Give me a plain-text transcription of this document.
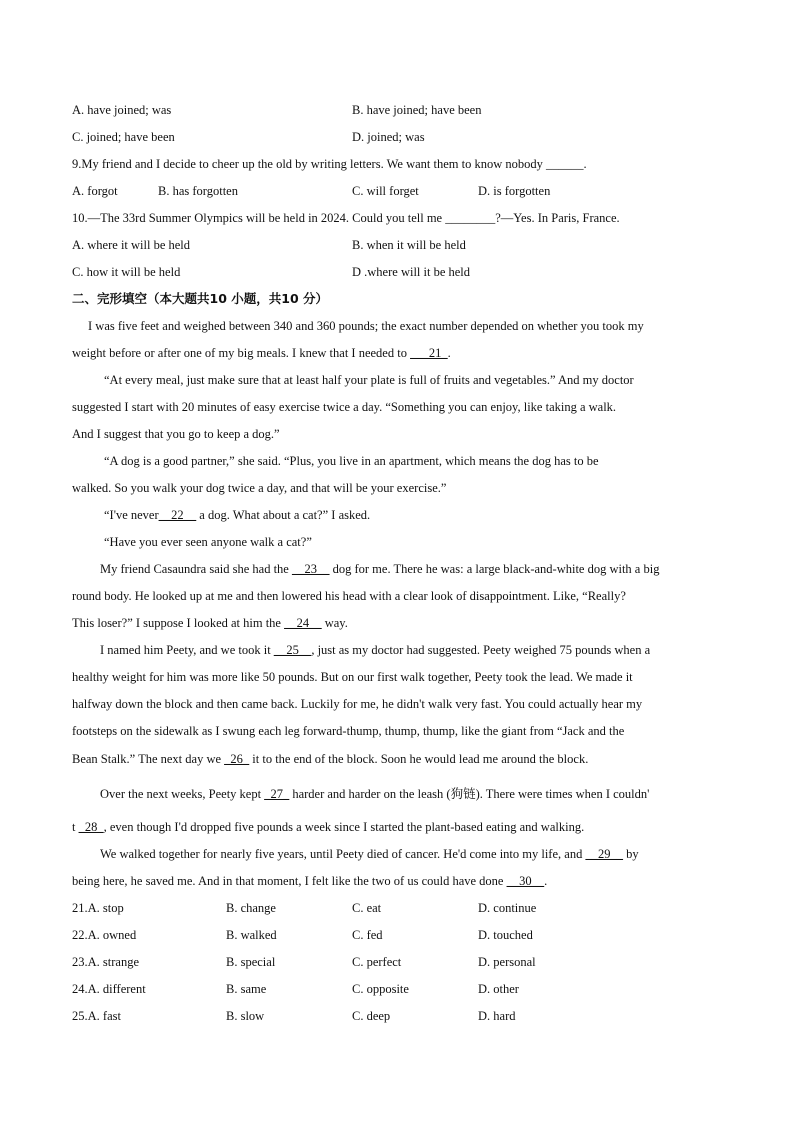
A. have joined; was	B. have joined; have been
C. joined; have been	D. joined; was
9.My friend and I decide to cheer up the old by writing letters. We want them to know nobody ______.
A. forgot	B. has forgotten	C. will forget	D. is forgotten
10.—The 33rd Summer Olympics will be held in 2024. Could you tell me ________?—Yes. In Paris, France.
A. where it will be held	B. when it will be held
C. how it will be held	D .where will it be held
二、完形填空（本大题共10 小题，共10 分）
I was five feet and weighed between 340 and 360 pounds; the exact number depended on whether you took my
weight before or after one of my big meals. I knew that I needed to ___21_.
“At every meal, just make sure that at least half your plate is full of fruits and vegetables.” And my doctor
suggested I start with 20 minutes of easy exercise twice a day. “Something you can enjoy, like taking a walk.
And I suggest that you go to keep a dog.”
“A dog is a good partner,” she said. “Plus, you live in an apartment, which means the dog has to be
walked. So you walk your dog twice a day, and that will be your exercise.”
“I've never__22__ a dog. What about a cat?” I asked.
“Have you ever seen anyone walk a cat?”
My friend Casaundra said she had the __23__ dog for me. There he was: a large black-and-white dog with a big
round body. He looked up at me and then lowered his head with a clear look of disappointment. Like, “Really?
This loser?” I suppose I looked at him the __24__ way.
I named him Peety, and we took it __25__, just as my doctor had suggested. Peety weighed 75 pounds when a
healthy weight for him was more like 50 pounds. But on our first walk together, Peety took the lead. We made it
halfway down the block and then came back. Luckily for me, he didn't walk very fast. You could actually hear my
footsteps on the sidewalk as I swung each leg forward-thump, thump, thump, like the giant from “Jack and the
Bean Stalk.” The next day we _26_ it to the end of the block. Soon he would lead me around the block.
Over the next weeks, Peety kept _27_ harder and harder on the leash (狗链). There were times when I couldn'
t _28_, even though I'd dropped five pounds a week since I started the plant-based eating and walking.
We walked together for nearly five years, until Peety died of cancer. He'd come into my life, and __29__ by
being here, he saved me. And in that moment, I felt like the two of us could have done __30__.
21.A. stop	B. change	C. eat	D. continue
22.A. owned	B. walked	C. fed	D. touched
23.A. strange	B. special	C. perfect	D. personal
24.A. different	B. same	C. opposite	D. other
25.A. fast	B. slow	C. deep	D. hard
